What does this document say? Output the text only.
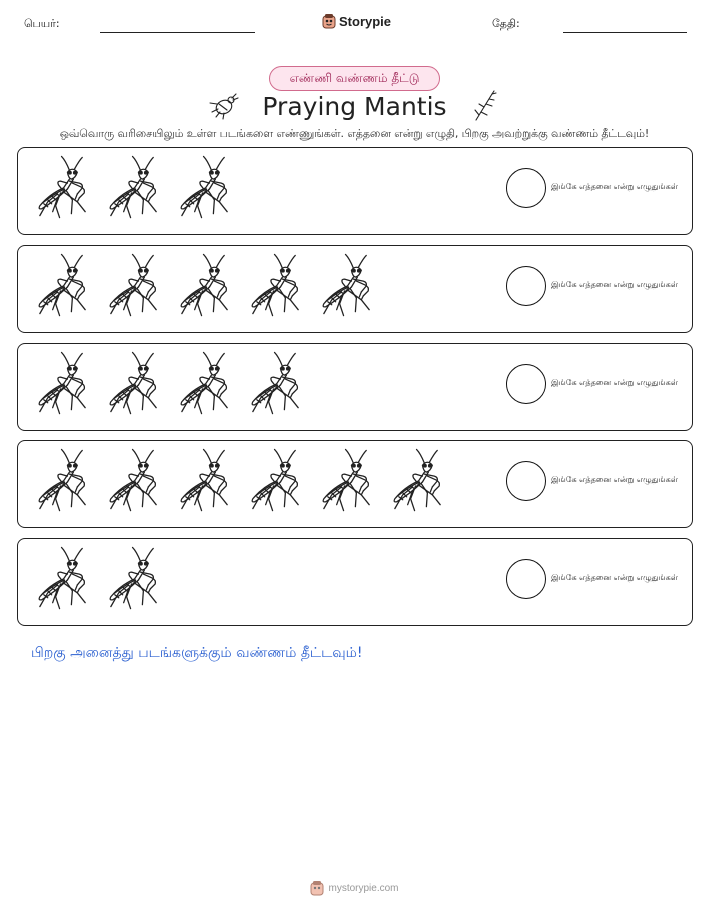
பெயர்:	Storypie	தேதி:
எண்ணி வண்ணம் தீட்டு
Praying Mantis
ஒவ்வொரு வரிசையிலும் உள்ள படங்களை எண்ணுங்கள். எத்தனை என்று எழுதி, பிறகு அவற்றுக்கு வண்ணம் தீட்டவும்!
இங்கே எத்தனை என்று எழுதுங்கள்
இங்கே எத்தனை என்று எழுதுங்கள்
இங்கே எத்தனை என்று எழுதுங்கள்
இங்கே எத்தனை என்று எழுதுங்கள்
இங்கே எத்தனை என்று எழுதுங்கள்
பிறகு அனைத்து படங்களுக்கும் வண்ணம் தீட்டவும்!
mystorypie.com
